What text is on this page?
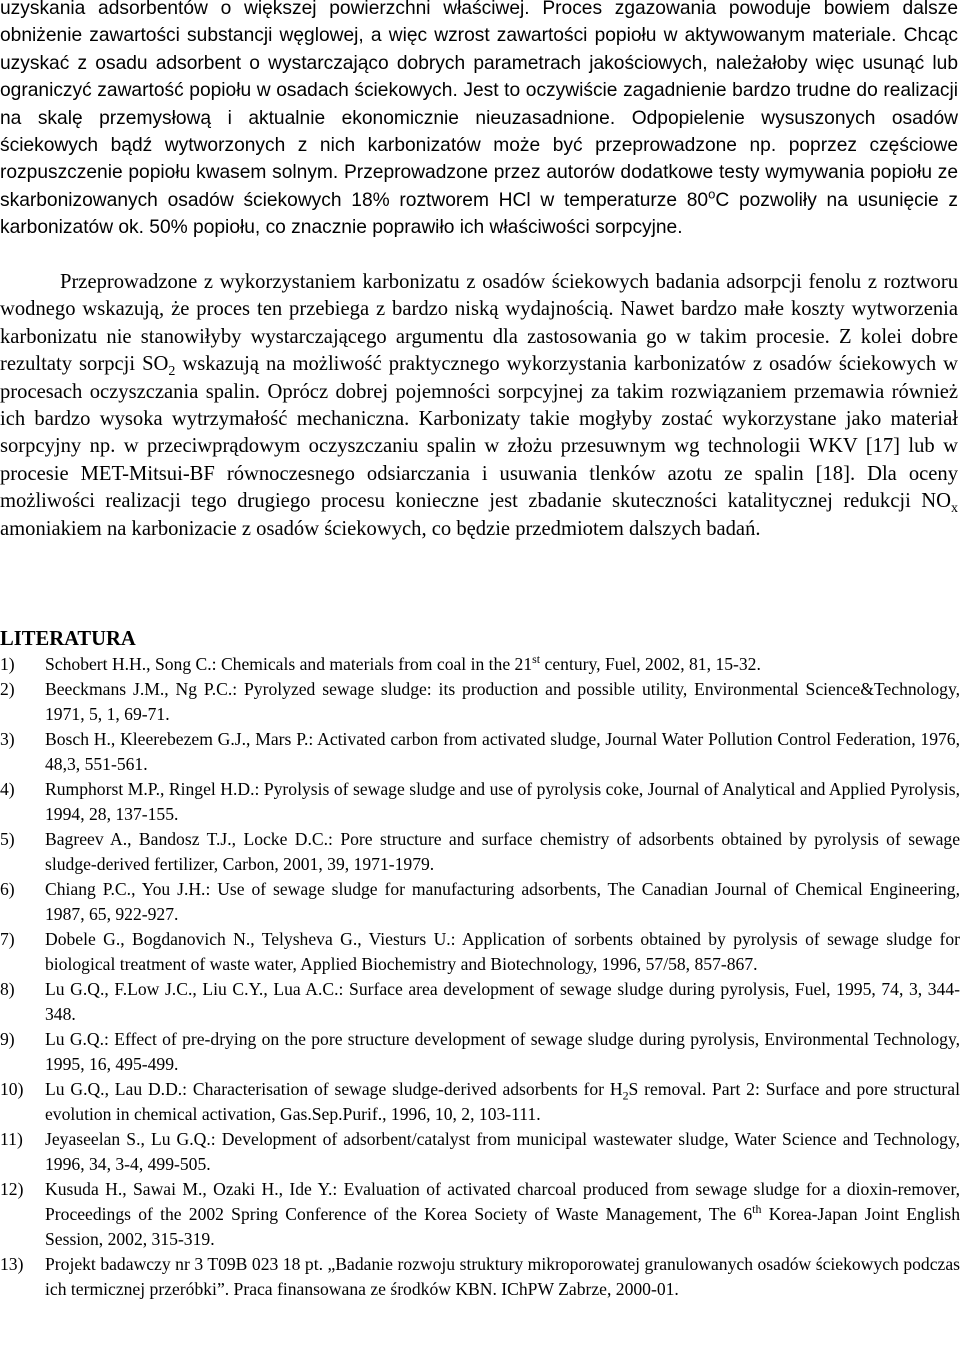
uzyskania adsorbentów o większej powierzchni właściwej. Proces zgazowania powoduje bowiem dalsze obniżenie zawartości substancji węglowej, a więc wzrost zawartości popiołu w aktywowanym materiale. Chcąc uzyskać z osadu adsorbent o wystarczająco dobrych parametrach jakościowych, należałoby więc usunąć lub ograniczyć zawartość popiołu w osadach ściekowych. Jest to oczywiście zagadnienie bardzo trudne do realizacji na skalę przemysłową i aktualnie ekonomicznie nieuzasadnione. Odpopielenie wysuszonych osadów ściekowych bądź wytworzonych z nich karbonizatów może być przeprowadzone np. poprzez częściowe rozpuszczenie popiołu kwasem solnym. Przeprowadzone przez autorów dodatkowe testy wymywania popiołu ze skarbonizowanych osadów ściekowych 18% roztworem HCl w temperaturze 80$^o$C pozwoliły na usunięcie z karbonizatów ok. 50% popiołu, co znacznie poprawiło ich właściwości sorpcyjne.

Przeprowadzone z wykorzystaniem karbonizatu z osadów ściekowych badania adsorpcji fenolu z roztworu wodnego wskazują, że proces ten przebiega z bardzo niską wydajnością. Nawet bardzo małe koszty wytworzenia karbonizatu nie stanowiłyby wystarczającego argumentu dla zastosowania go w takim procesie. Z kolei dobre rezultaty sorpcji $SO_2$ wskazują na możliwość praktycznego wykorzystania karbonizatów z osadów ściekowych w procesach oczyszczania spalin. Oprócz dobrej pojemności sorpcyjnej za takim rozwiązaniem przemawia również ich bardzo wysoka wytrzymałość mechaniczna. Karbonizaty takie mogłyby zostać wykorzystane jako materiał sorpcyjny np. w przeciwprądowym oczyszczaniu spalin w złożu przesuwnym wg technologii WKV [17] lub w procesie MET-Mitsui-BF równoczesnego odsiarczania i usuwania tlenków azotu ze spalin [18]. Dla oceny możliwości realizacji tego drugiego procesu konieczne jest zbadanie skuteczności katalitycznej redukcji $NO_x$ amoniakiem na karbonizacie z osadów ściekowych, co będzie przedmiotem dalszych badań.

LITERATURA
1) Schobert H.H., Song C.: Chemicals and materials from coal in the 21st century, Fuel, 2002, 81, 15-32.
2) Beeckmans J.M., Ng P.C.: Pyrolyzed sewage sludge: its production and possible utility, Environmental Science&Technology, 1971, 5, 1, 69-71.
3) Bosch H., Kleerebezem G.J., Mars P.: Activated carbon from activated sludge, Journal Water Pollution Control Federation, 1976, 48,3, 551-561.
4) Rumphorst M.P., Ringel H.D.: Pyrolysis of sewage sludge and use of pyrolysis coke, Journal of Analytical and Applied Pyrolysis, 1994, 28, 137-155.
5) Bagreev A., Bandosz T.J., Locke D.C.: Pore structure and surface chemistry of adsorbents obtained by pyrolysis of sewage sludge-derived fertilizer, Carbon, 2001, 39, 1971-1979.
6) Chiang P.C., You J.H.: Use of sewage sludge for manufacturing adsorbents, The Canadian Journal of Chemical Engineering, 1987, 65, 922-927.
7) Dobele G., Bogdanovich N., Telysheva G., Viesturs U.: Application of sorbents obtained by pyrolysis of sewage sludge for biological treatment of waste water, Applied Biochemistry and Biotechnology, 1996, 57/58, 857-867.
8) Lu G.Q., F.Low J.C., Liu C.Y., Lua A.C.: Surface area development of sewage sludge during pyrolysis, Fuel, 1995, 74, 3, 344-348.
9) Lu G.Q.: Effect of pre-drying on the pore structure development of sewage sludge during pyrolysis, Environmental Technology, 1995, 16, 495-499.
10) Lu G.Q., Lau D.D.: Characterisation of sewage sludge-derived adsorbents for $H_2S$ removal. Part 2: Surface and pore structural evolution in chemical activation, Gas.Sep.Purif., 1996, 10, 2, 103-111.
11) Jeyaseelan S., Lu G.Q.: Development of adsorbent/catalyst from municipal wastewater sludge, Water Science and Technology, 1996, 34, 3-4, 499-505.
12) Kusuda H., Sawai M., Ozaki H., Ide Y.: Evaluation of activated charcoal produced from sewage sludge for a dioxin-remover, Proceedings of the 2002 Spring Conference of the Korea Society of Waste Management, The 6th Korea-Japan Joint English Session, 2002, 315-319.
13) Projekt badawczy nr 3 T09B 023 18 pt. „Badanie rozwoju struktury mikroporowatej granulowanych osadów ściekowych podczas ich termicznej przeróbki”. Praca finansowana ze środków KBN. IChPW Zabrze, 2000-01.
